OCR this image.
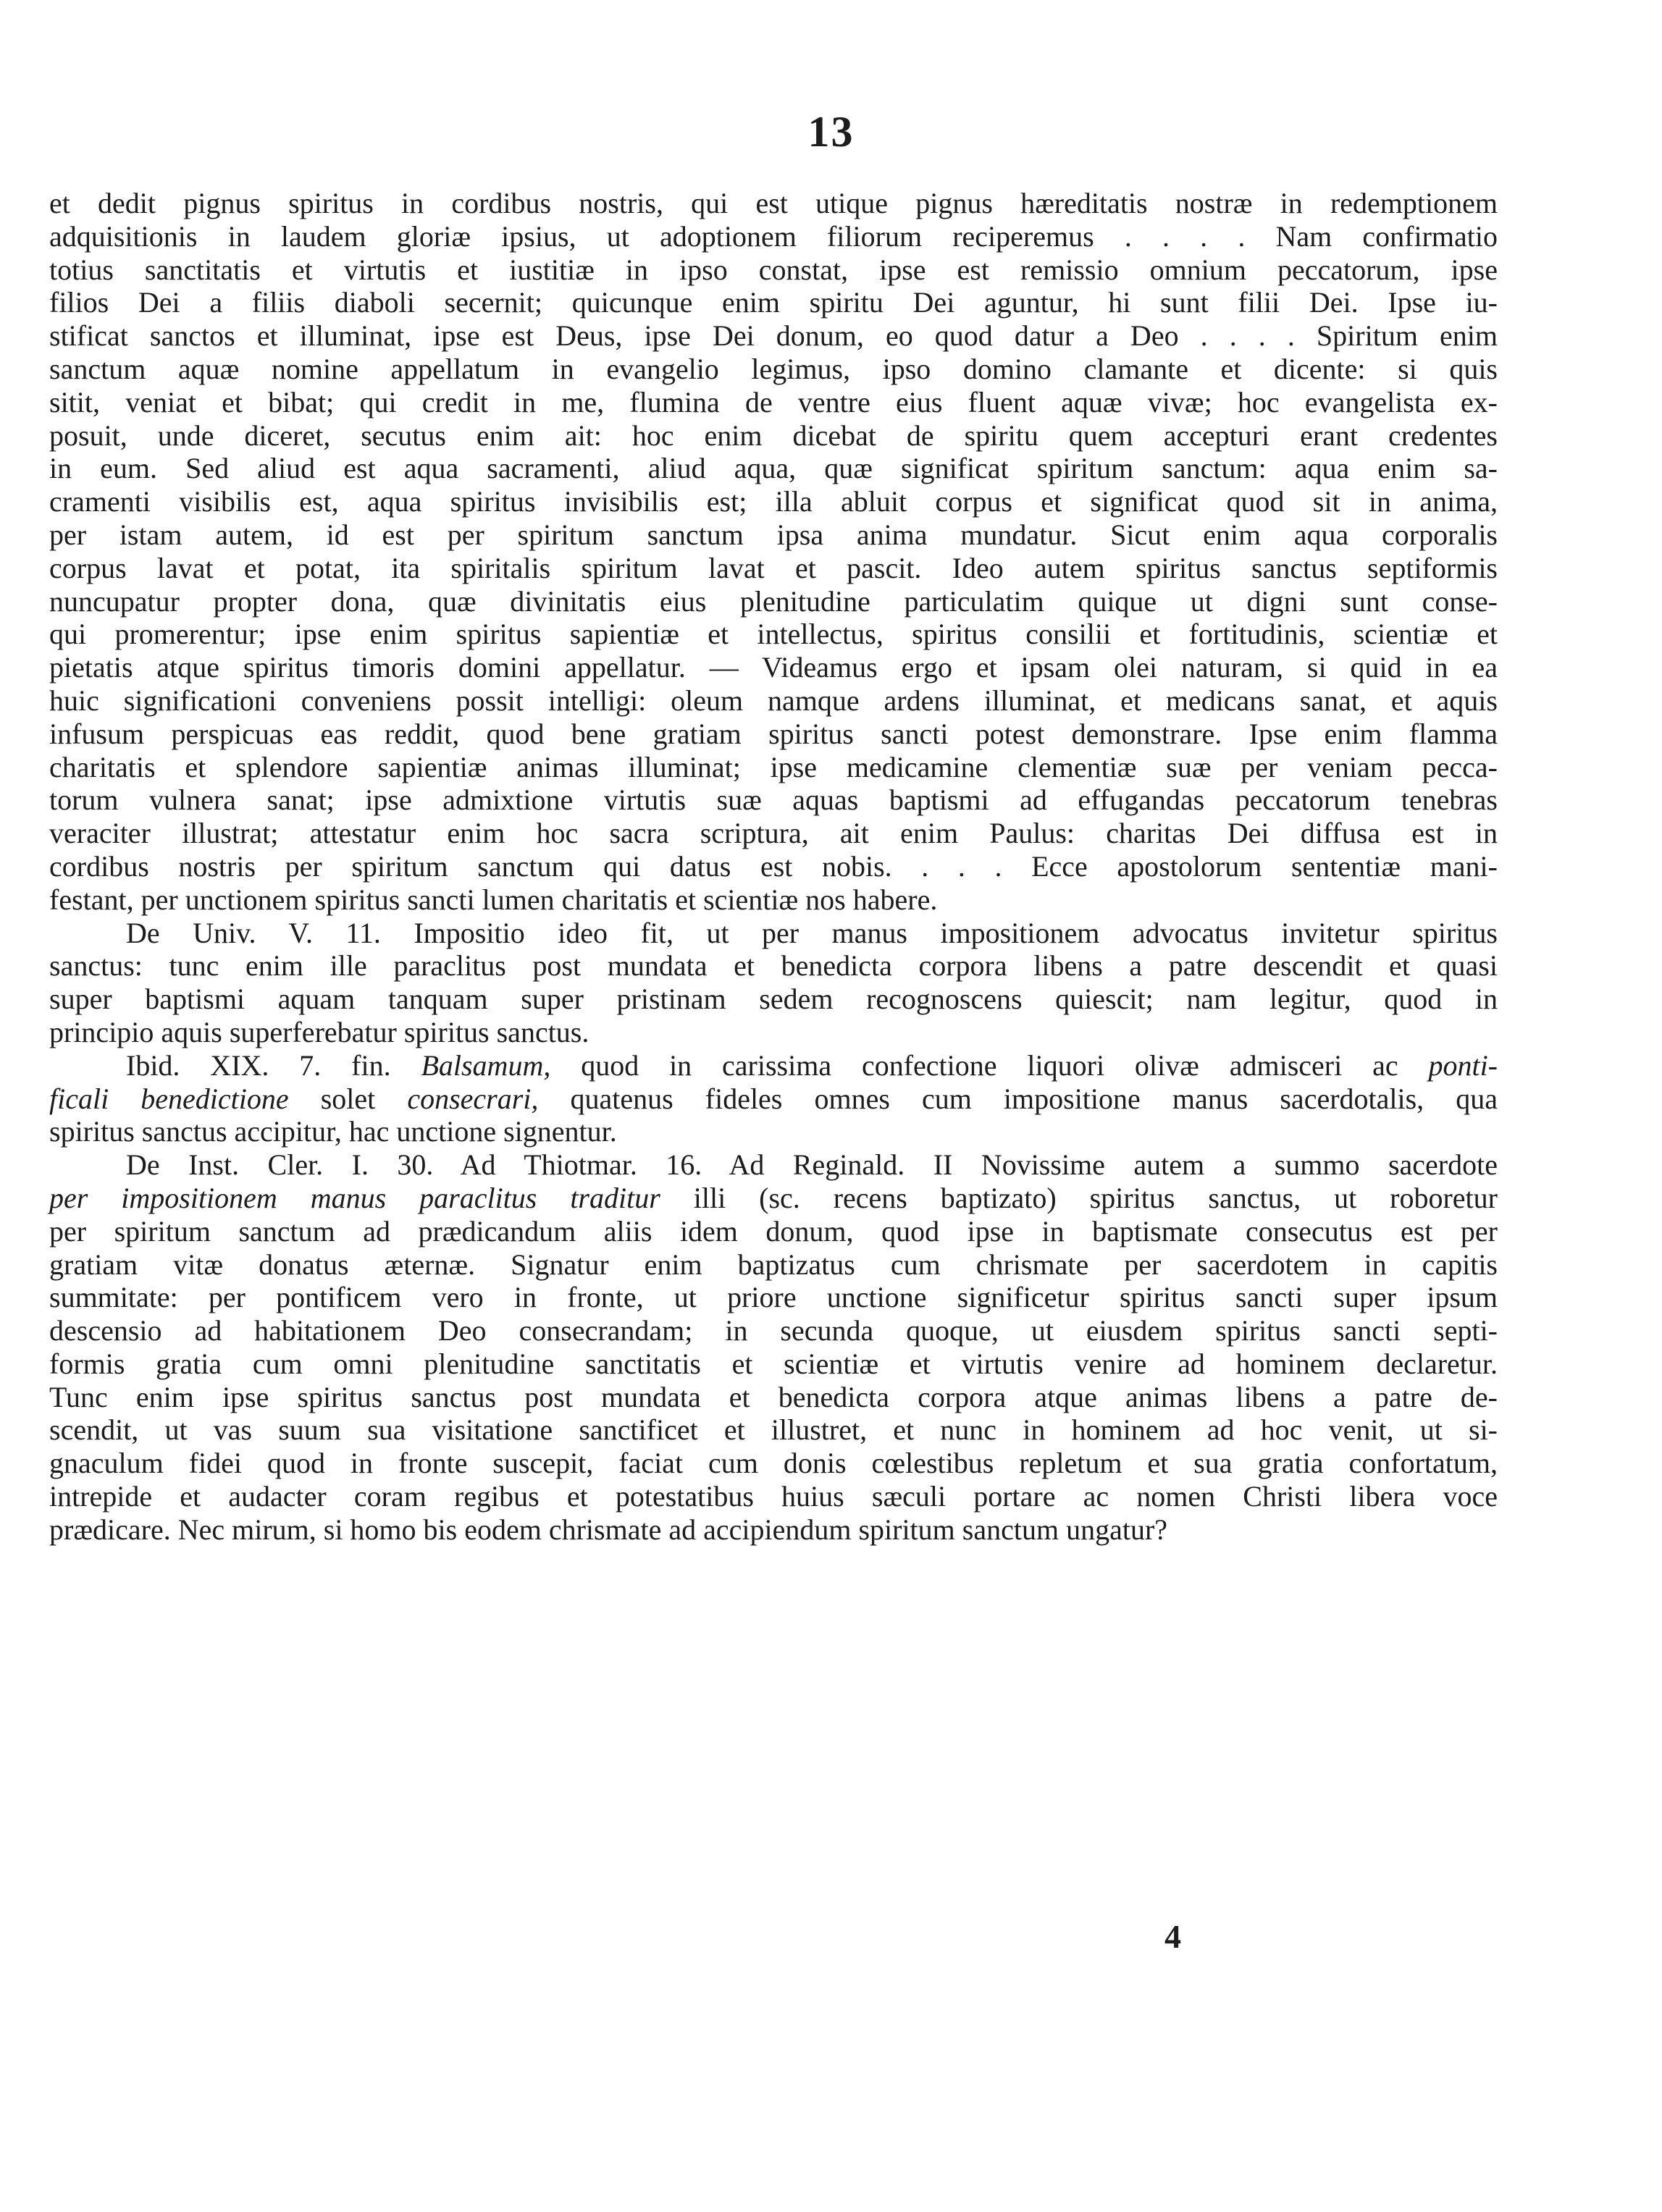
13
et dedit pignus spiritus in cordibus nostris, qui est utique pignus hæreditatis nostræ in redemptionem
adquisitionis in laudem gloriæ ipsius, ut adoptionem filiorum reciperemus . . . . Nam confirmatio
totius sanctitatis et virtutis et iustitiæ in ipso constat, ipse est remissio omnium peccatorum, ipse
filios Dei a filiis diaboli secernit; quicunque enim spiritu Dei aguntur, hi sunt filii Dei. Ipse iu-
stificat sanctos et illuminat, ipse est Deus, ipse Dei donum, eo quod datur a Deo . . . . Spiritum enim
sanctum aquæ nomine appellatum in evangelio legimus, ipso domino clamante et dicente: si quis
sitit, veniat et bibat; qui credit in me, flumina de ventre eius fluent aquæ vivæ; hoc evangelista ex-
posuit, unde diceret, secutus enim ait: hoc enim dicebat de spiritu quem accepturi erant credentes
in eum. Sed aliud est aqua sacramenti, aliud aqua, quæ significat spiritum sanctum: aqua enim sa-
cramenti visibilis est, aqua spiritus invisibilis est; illa abluit corpus et significat quod sit in anima,
per istam autem, id est per spiritum sanctum ipsa anima mundatur. Sicut enim aqua corporalis
corpus lavat et potat, ita spiritalis spiritum lavat et pascit. Ideo autem spiritus sanctus septiformis
nuncupatur propter dona, quæ divinitatis eius plenitudine particulatim quique ut digni sunt conse-
qui promerentur; ipse enim spiritus sapientiæ et intellectus, spiritus consilii et fortitudinis, scientiæ et
pietatis atque spiritus timoris domini appellatur. — Videamus ergo et ipsam olei naturam, si quid in ea
huic significationi conveniens possit intelligi: oleum namque ardens illuminat, et medicans sanat, et aquis
infusum perspicuas eas reddit, quod bene gratiam spiritus sancti potest demonstrare. Ipse enim flamma
charitatis et splendore sapientiæ animas illuminat; ipse medicamine clementiæ suæ per veniam pecca-
torum vulnera sanat; ipse admixtione virtutis suæ aquas baptismi ad effugandas peccatorum tenebras
veraciter illustrat; attestatur enim hoc sacra scriptura, ait enim Paulus: charitas Dei diffusa est in
cordibus nostris per spiritum sanctum qui datus est nobis. . . . Ecce apostolorum sententiæ mani-
festant, per unctionem spiritus sancti lumen charitatis et scientiæ nos habere.
De Univ. V. 11. Impositio ideo fit, ut per manus impositionem advocatus invitetur spiritus
sanctus: tunc enim ille paraclitus post mundata et benedicta corpora libens a patre descendit et quasi
super baptismi aquam tanquam super pristinam sedem recognoscens quiescit; nam legitur, quod in
principio aquis superferebatur spiritus sanctus.
Ibid. XIX. 7. fin. Balsamum, quod in carissima confectione liquori olivæ admisceri ac ponti-
ficali benedictione solet consecrari, quatenus fideles omnes cum impositione manus sacerdotalis, qua
spiritus sanctus accipitur, hac unctione signentur.
De Inst. Cler. I. 30. Ad Thiotmar. 16. Ad Reginald. II Novissime autem a summo sacerdote
per impositionem manus paraclitus traditur illi (sc. recens baptizato) spiritus sanctus, ut roboretur
per spiritum sanctum ad prædicandum aliis idem donum, quod ipse in baptismate consecutus est per
gratiam vitæ donatus æternæ. Signatur enim baptizatus cum chrismate per sacerdotem in capitis
summitate: per pontificem vero in fronte, ut priore unctione significetur spiritus sancti super ipsum
descensio ad habitationem Deo consecrandam; in secunda quoque, ut eiusdem spiritus sancti septi-
formis gratia cum omni plenitudine sanctitatis et scientiæ et virtutis venire ad hominem declaretur.
Tunc enim ipse spiritus sanctus post mundata et benedicta corpora atque animas libens a patre de-
scendit, ut vas suum sua visitatione sanctificet et illustret, et nunc in hominem ad hoc venit, ut si-
gnaculum fidei quod in fronte suscepit, faciat cum donis cœlestibus repletum et sua gratia confortatum,
intrepide et audacter coram regibus et potestatibus huius sæculi portare ac nomen Christi libera voce
prædicare. Nec mirum, si homo bis eodem chrismate ad accipiendum spiritum sanctum ungatur?
4
